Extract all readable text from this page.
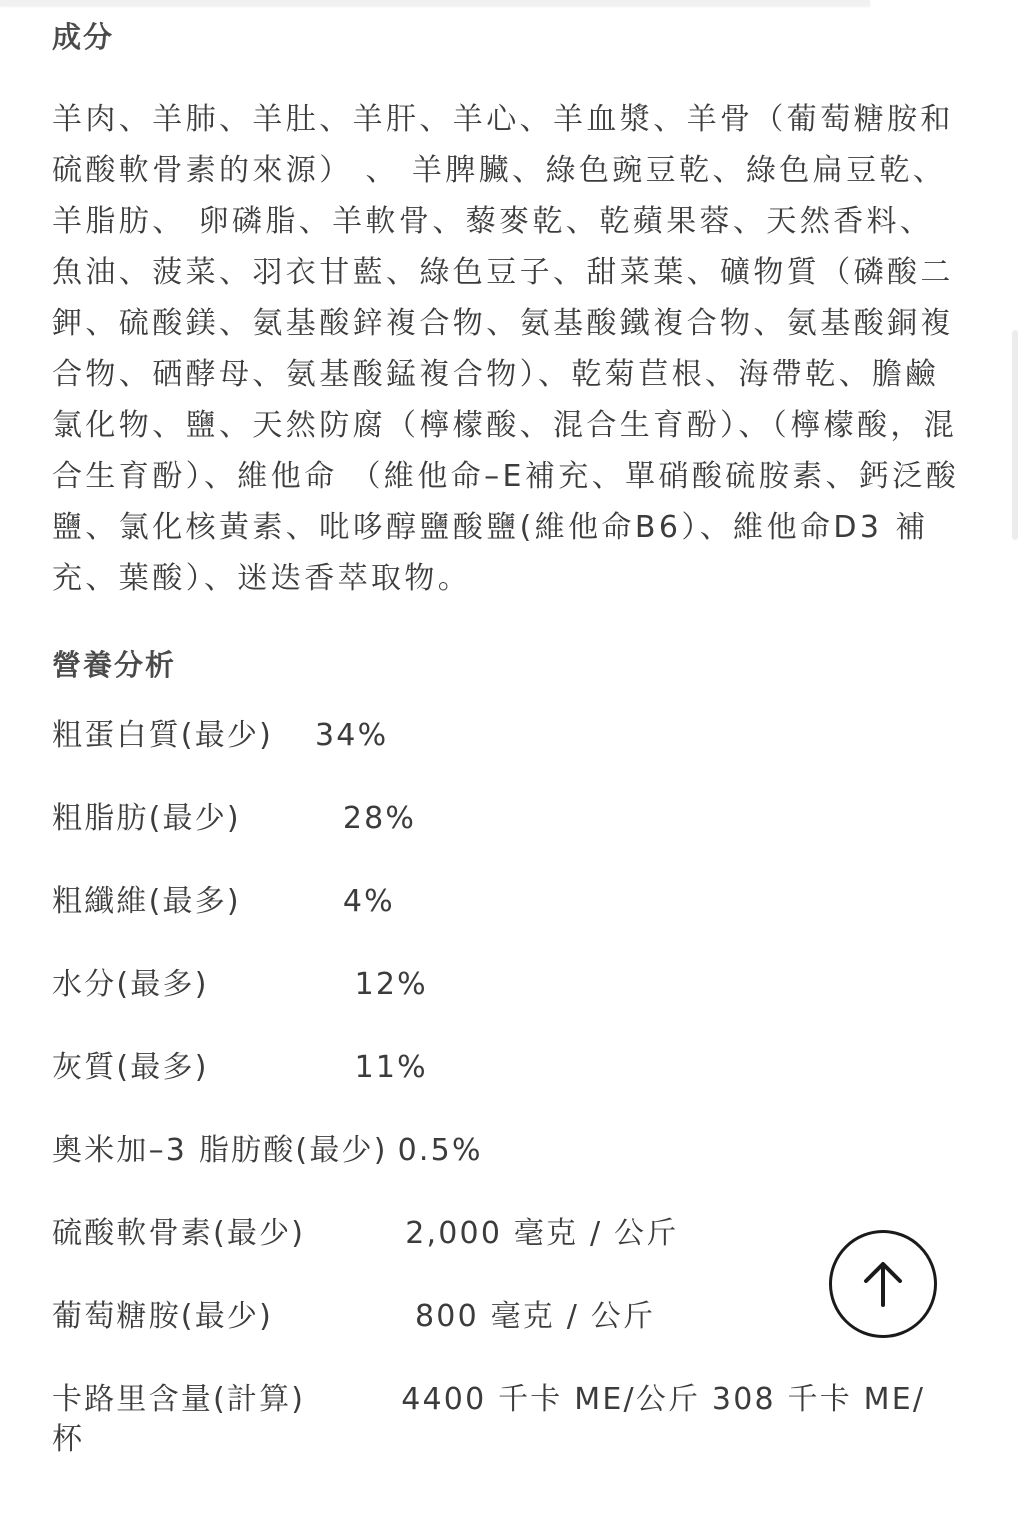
成分

羊肉、羊肺、羊肚、羊肝、羊心、羊血漿、羊骨（葡萄糖胺和硫酸軟骨素的來源） 、 羊脾臟、綠色豌豆乾、綠色扁豆乾、羊脂肪、 卵磷脂、羊軟骨、藜麥乾、乾蘋果蓉、天然香料、魚油、菠菜、羽衣甘藍、綠色豆子、甜菜葉、礦物質（磷酸二鉀、硫酸鎂、氨基酸鋅複合物、氨基酸鐵複合物、氨基酸銅複合物、硒酵母、氨基酸錳複合物）、乾菊苣根、海帶乾、膽鹼氯化物、鹽、天然防腐（檸檬酸、混合生育酚）、（檸檬酸，混合生育酚）、維他命 （維他命–E補充、單硝酸硫胺素、鈣泛酸鹽、氯化核黃素、吡哆醇鹽酸鹽(維他命B6）、維他命D3 補充、葉酸）、迷迭香萃取物。

營養分析
粗蛋白質(最少) 34%
粗脂肪(最少)	28%
粗纖維(最多)	4%
水分(最多)	12%
灰質(最多)	11%
奧米加–3 脂肪酸(最少) 0.5%
硫酸軟骨素(最少)	2,000 毫克 / 公斤
葡萄糖胺(最少)	800 毫克 / 公斤
卡路里含量(計算)	4400 千卡 ME/公斤 308 千卡 ME/杯
